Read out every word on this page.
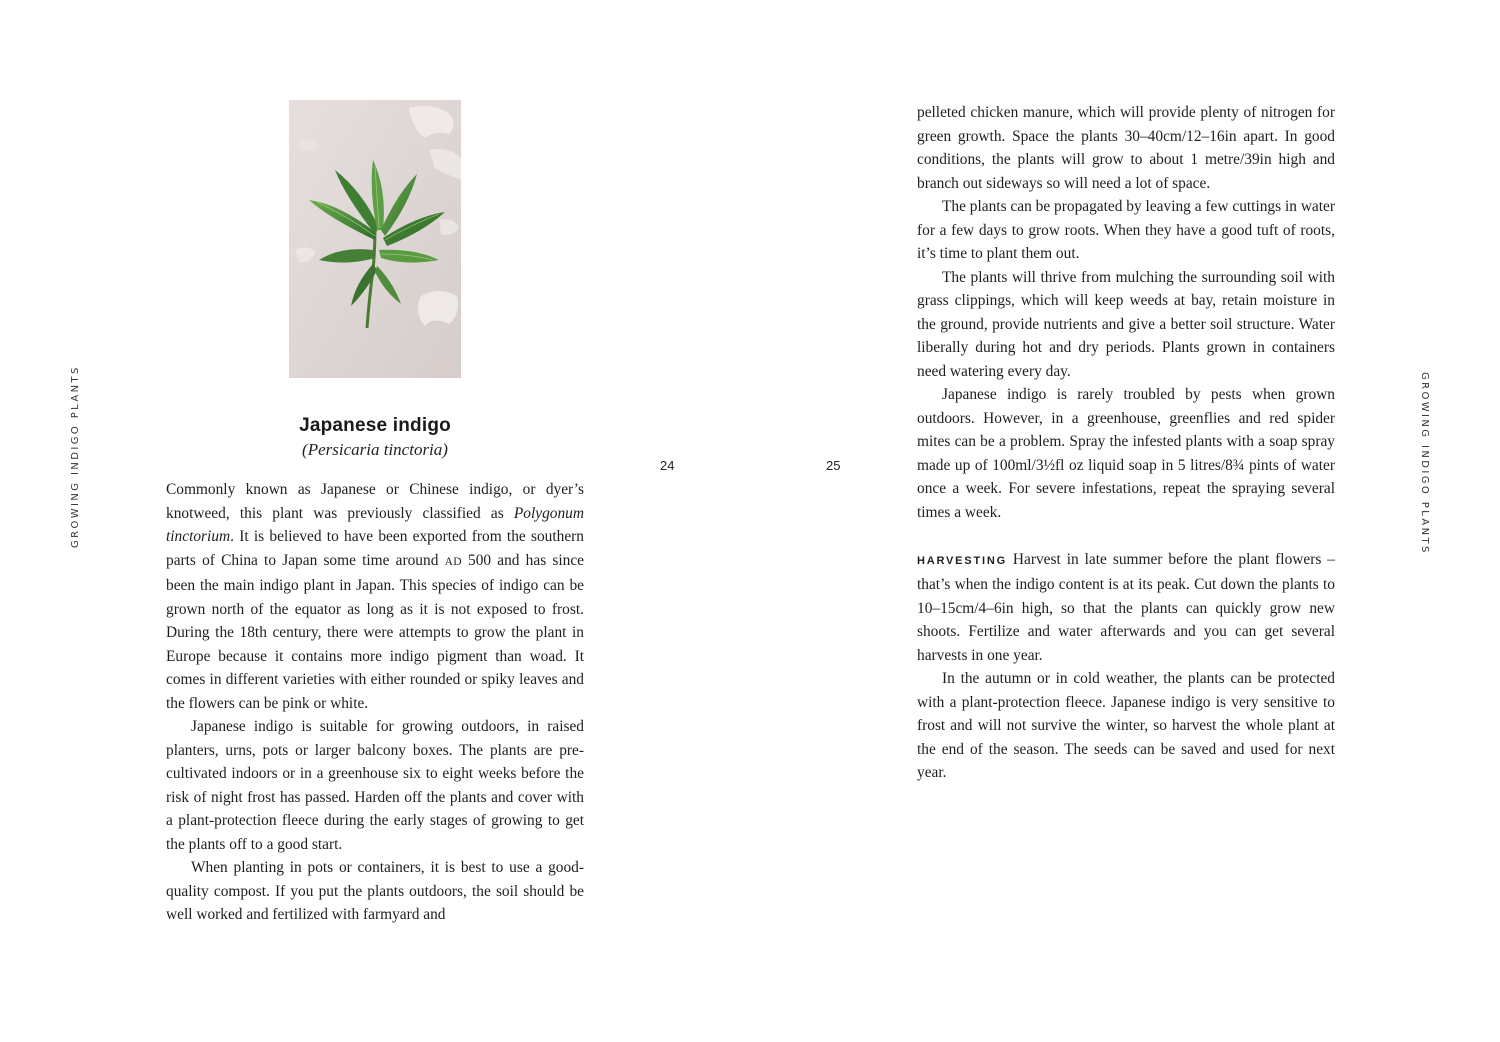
GROWING INDIGO PLANTS	Japanese indigo
(Persicaria tinctoria)
24

Commonly known as Japanese or Chinese indigo, or dyer’s knotweed, this plant was previously classified as Polygonum tinctorium. It is believed to have been exported from the southern parts of China to Japan some time around AD 500 and has since been the main indigo plant in Japan. This species of indigo can be grown north of the equator as long as it is not exposed to frost. During the 18th century, there were attempts to grow the plant in Europe because it contains more indigo pigment than woad. It comes in different varieties with either rounded or spiky leaves and the flowers can be pink or white.

Japanese indigo is suitable for growing outdoors, in raised planters, urns, pots or larger balcony boxes. The plants are pre-cultivated indoors or in a greenhouse six to eight weeks before the risk of night frost has passed. Harden off the plants and cover with a plant-protection fleece during the early stages of growing to get the plants off to a good start.

When planting in pots or containers, it is best to use a good-quality compost. If you put the plants outdoors, the soil should be well worked and fertilized with farmyard and

25

pelleted chicken manure, which will provide plenty of nitrogen for green growth. Space the plants 30–40cm/12–16in apart. In good conditions, the plants will grow to about 1 metre/39in high and branch out sideways so will need a lot of space.

The plants can be propagated by leaving a few cuttings in water for a few days to grow roots. When they have a good tuft of roots, it’s time to plant them out.

The plants will thrive from mulching the surrounding soil with grass clippings, which will keep weeds at bay, retain moisture in the ground, provide nutrients and give a better soil structure. Water liberally during hot and dry periods. Plants grown in containers need watering every day.

Japanese indigo is rarely troubled by pests when grown outdoors. However, in a greenhouse, greenflies and red spider mites can be a problem. Spray the infested plants with a soap spray made up of 100ml/3½fl oz liquid soap in 5 litres/8¾ pints of water once a week. For severe infestations, repeat the spraying several times a week.

HARVESTING Harvest in late summer before the plant flowers – that’s when the indigo content is at its peak. Cut down the plants to 10–15cm/4–6in high, so that the plants can quickly grow new shoots. Fertilize and water afterwards and you can get several harvests in one year.

In the autumn or in cold weather, the plants can be protected with a plant-protection fleece. Japanese indigo is very sensitive to frost and will not survive the winter, so harvest the whole plant at the end of the season. The seeds can be saved and used for next year.

GROWING INDIGO PLANTS
